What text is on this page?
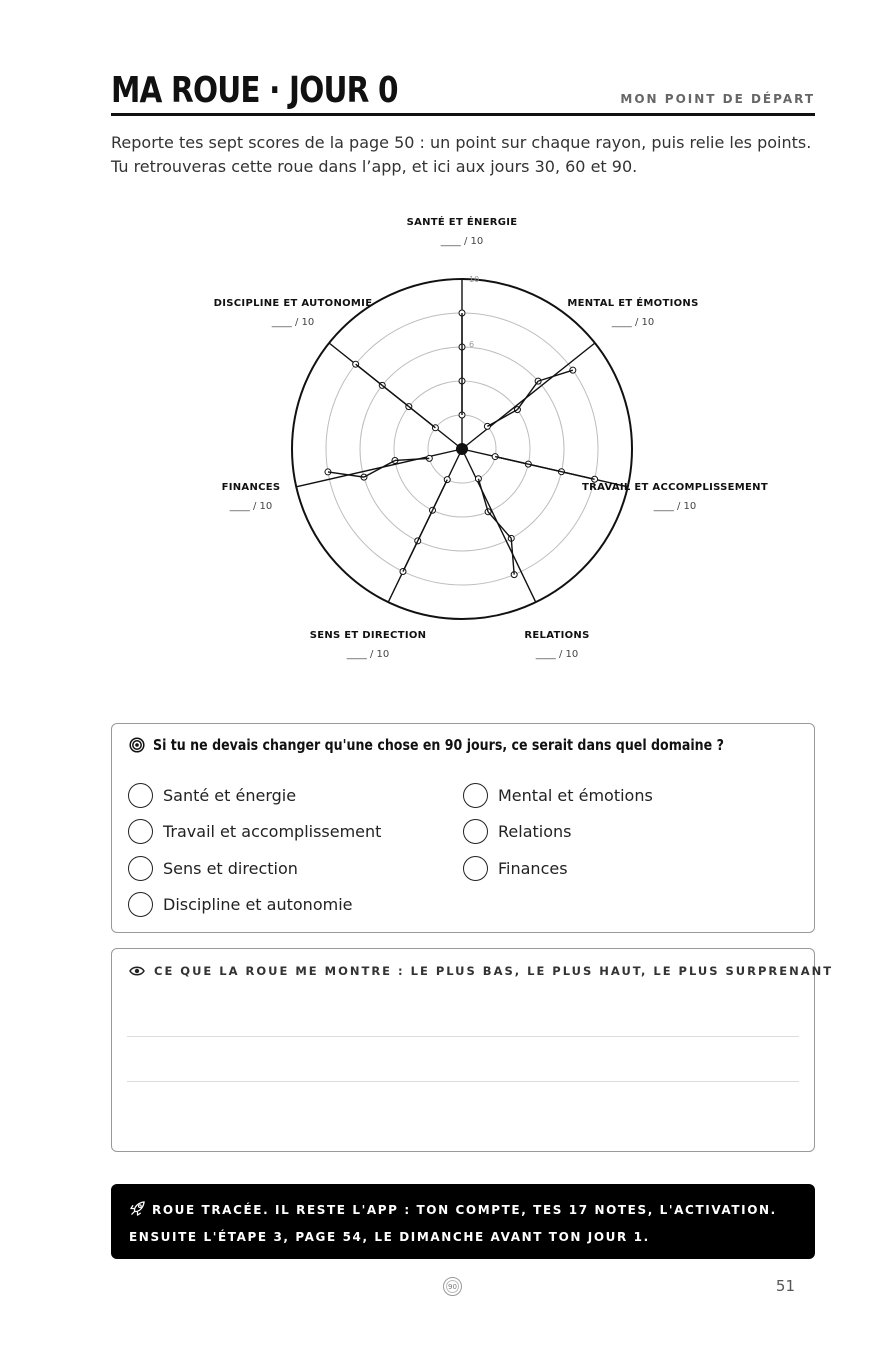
MA ROUE · JOUR 0	MON POINT DE DÉPART

Reporte tes sept scores de la page 50 : un point sur chaque rayon, puis relie les points.

Tu retrouveras cette roue dans l’app, et ici aux jours 30, 60 et 90.

10
6
SANTÉ ET ÉNERGIE
____ / 10
MENTAL ET ÉMOTIONS
____ / 10
TRAVAIL ET ACCOMPLISSEMENT
____ / 10
RELATIONS
____ / 10
SENS ET DIRECTION
____ / 10
FINANCES
____ / 10
DISCIPLINE ET AUTONOMIE
____ / 10
Si tu ne devais changer qu'une chose en 90 jours, ce serait dans quel domaine ?
Santé et énergie	Mental et émotions
Travail et accomplissement	Relations
Sens et direction	Finances
Discipline et autonomie
CE QUE LA ROUE ME MONTRE : LE PLUS BAS, LE PLUS HAUT, LE PLUS SURPRENANT
ROUE TRACÉE. IL RESTE L'APP : TON COMPTE, TES 17 NOTES, L'ACTIVATION. ENSUITE L'ÉTAPE 3, PAGE 54, LE DIMANCHE AVANT TON JOUR 1.
90	51
